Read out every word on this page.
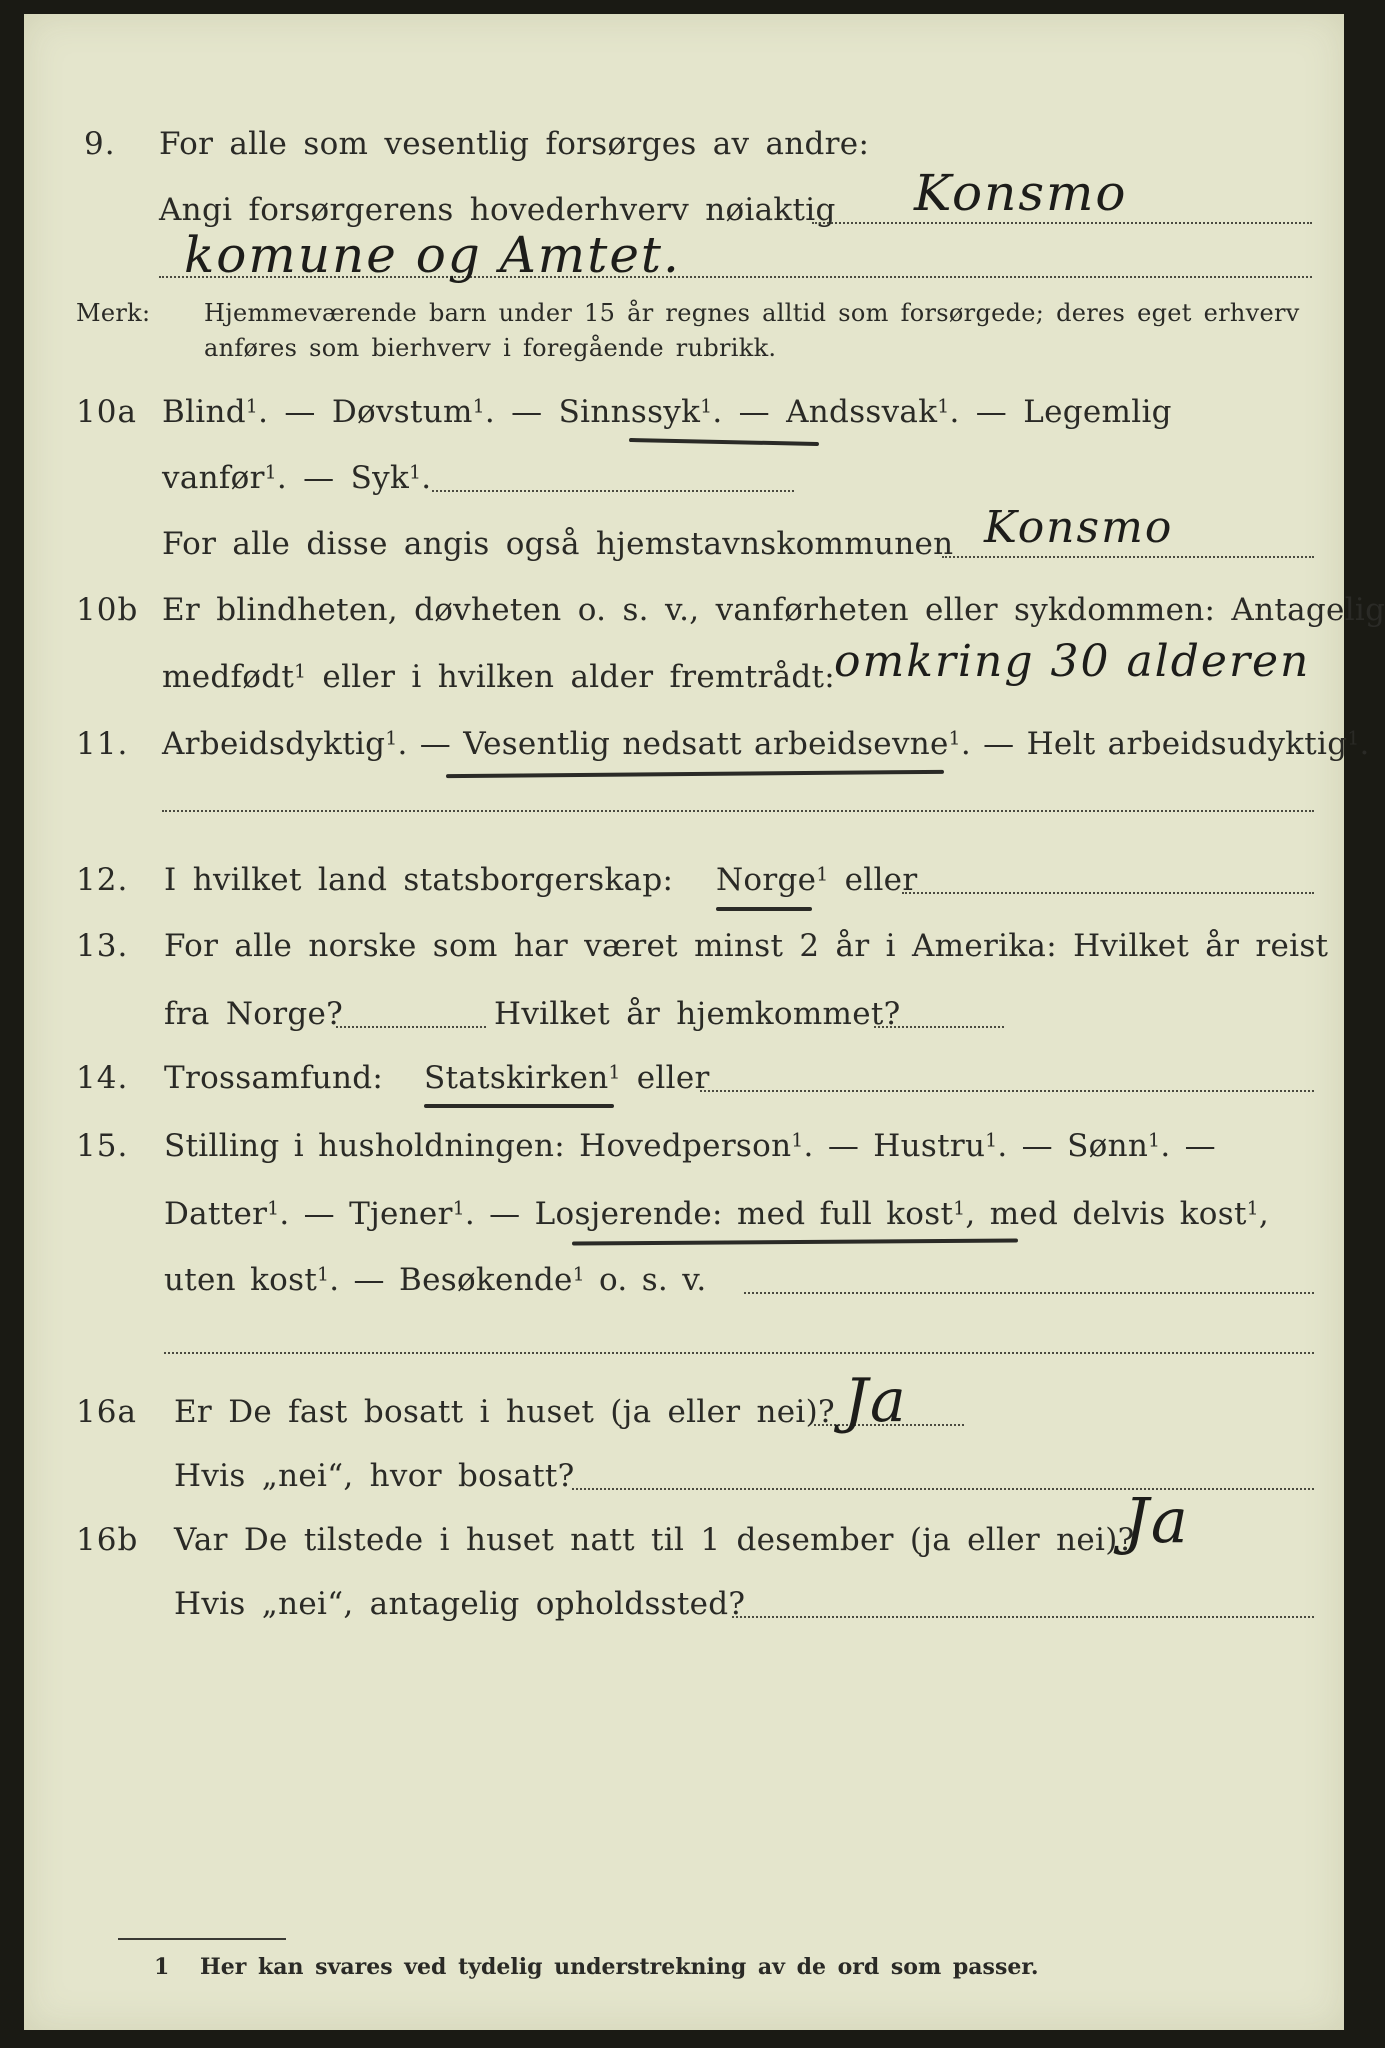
9. For alle som vesentlig forsørges av andre:
Angi forsørgerens hovederhverv nøiaktig Konsmo
komune og Amtet.
Merk: Hjemmeværende barn under 15 år regnes alltid som forsørgede; deres eget erhverv
anføres som bierhverv i foregående rubrikk.
10a Blind$^1$. — Døvstum$^1$. — Sinnssyk$^1$. — Andssvak$^1$. — Legemlig
vanfør$^1$. — Syk$^1$.
For alle disse angis også hjemstavnskommunen Konsmo
10b Er blindheten, døvheten o. s. v., vanførheten eller sykdommen: Antagelig
medfødt$^1$ eller i hvilken alder fremtrådt:
omkring 30 alderen
11. Arbeidsdyktig$^1$. — Vesentlig nedsatt arbeidsevne$^1$. — Helt arbeidsudyktig$^1$.
12. I hvilket land statsborgerskap: Norge$^1$ eller
13. For alle norske som har været minst 2 år i Amerika: Hvilket år reist
fra Norge?	Hvilket år hjemkommet?
14. Trossamfund: Statskirken$^1$ eller
15. Stilling i husholdningen: Hovedperson$^1$. — Hustru$^1$. — Sønn$^1$. —
Datter$^1$. — Tjener$^1$. — Losjerende: med full kost$^1$, med delvis kost$^1$,
uten kost$^1$. — Besøkende$^1$ o. s. v.
16a Er De fast bosatt i huset (ja eller nei)? Ja
Hvis „nei“, hvor bosatt?
16b Var De tilstede i huset natt til 1 desember (ja eller nei)?
Ja
Hvis „nei“, antagelig opholdssted?
1 Her kan svares ved tydelig understrekning av de ord som passer.
